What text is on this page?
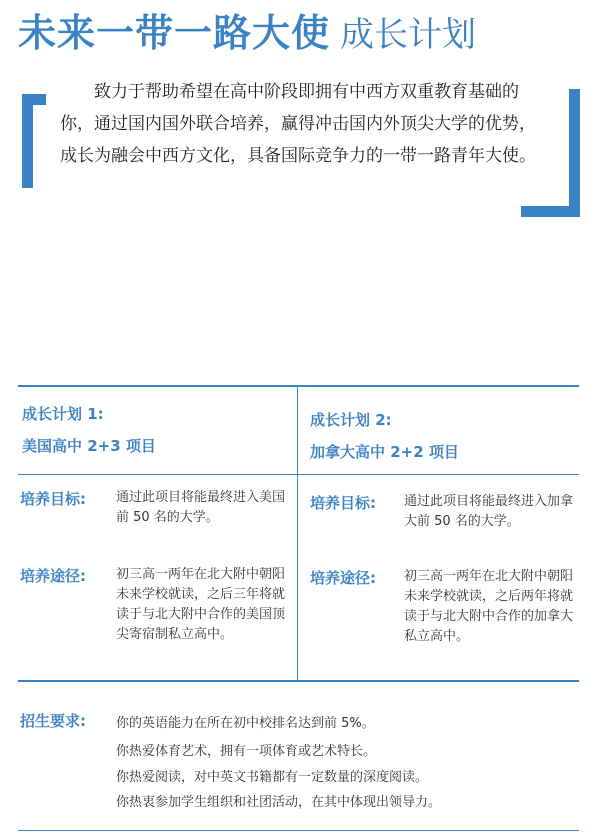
未来一带一路大使 成长计划
致力于帮助希望在高中阶段即拥有中西方双重教育基础的你，通过国内国外联合培养，赢得冲击国内外顶尖大学的优势，成长为融会中西方文化，具备国际竞争力的一带一路青年大使。
成长计划 1:
美国高中 2+3 项目
成长计划 2:
加拿大高中 2+2 项目
培养目标: 通过此项目将能最终进入美国前 50 名的大学。
培养途径: 初三高一两年在北大附中朝阳未来学校就读，之后三年将就读于与北大附中合作的美国顶尖寄宿制私立高中。
培养目标: 通过此项目将能最终进入加拿大前 50 名的大学。
培养途径: 初三高一两年在北大附中朝阳未来学校就读，之后两年将就读于与北大附中合作的加拿大私立高中。
招生要求: 你的英语能力在所在初中校排名达到前 5%。
你热爱体育艺术，拥有一项体育或艺术特长。
你热爱阅读，对中英文书籍都有一定数量的深度阅读。
你热衷参加学生组织和社团活动，在其中体现出领导力。
